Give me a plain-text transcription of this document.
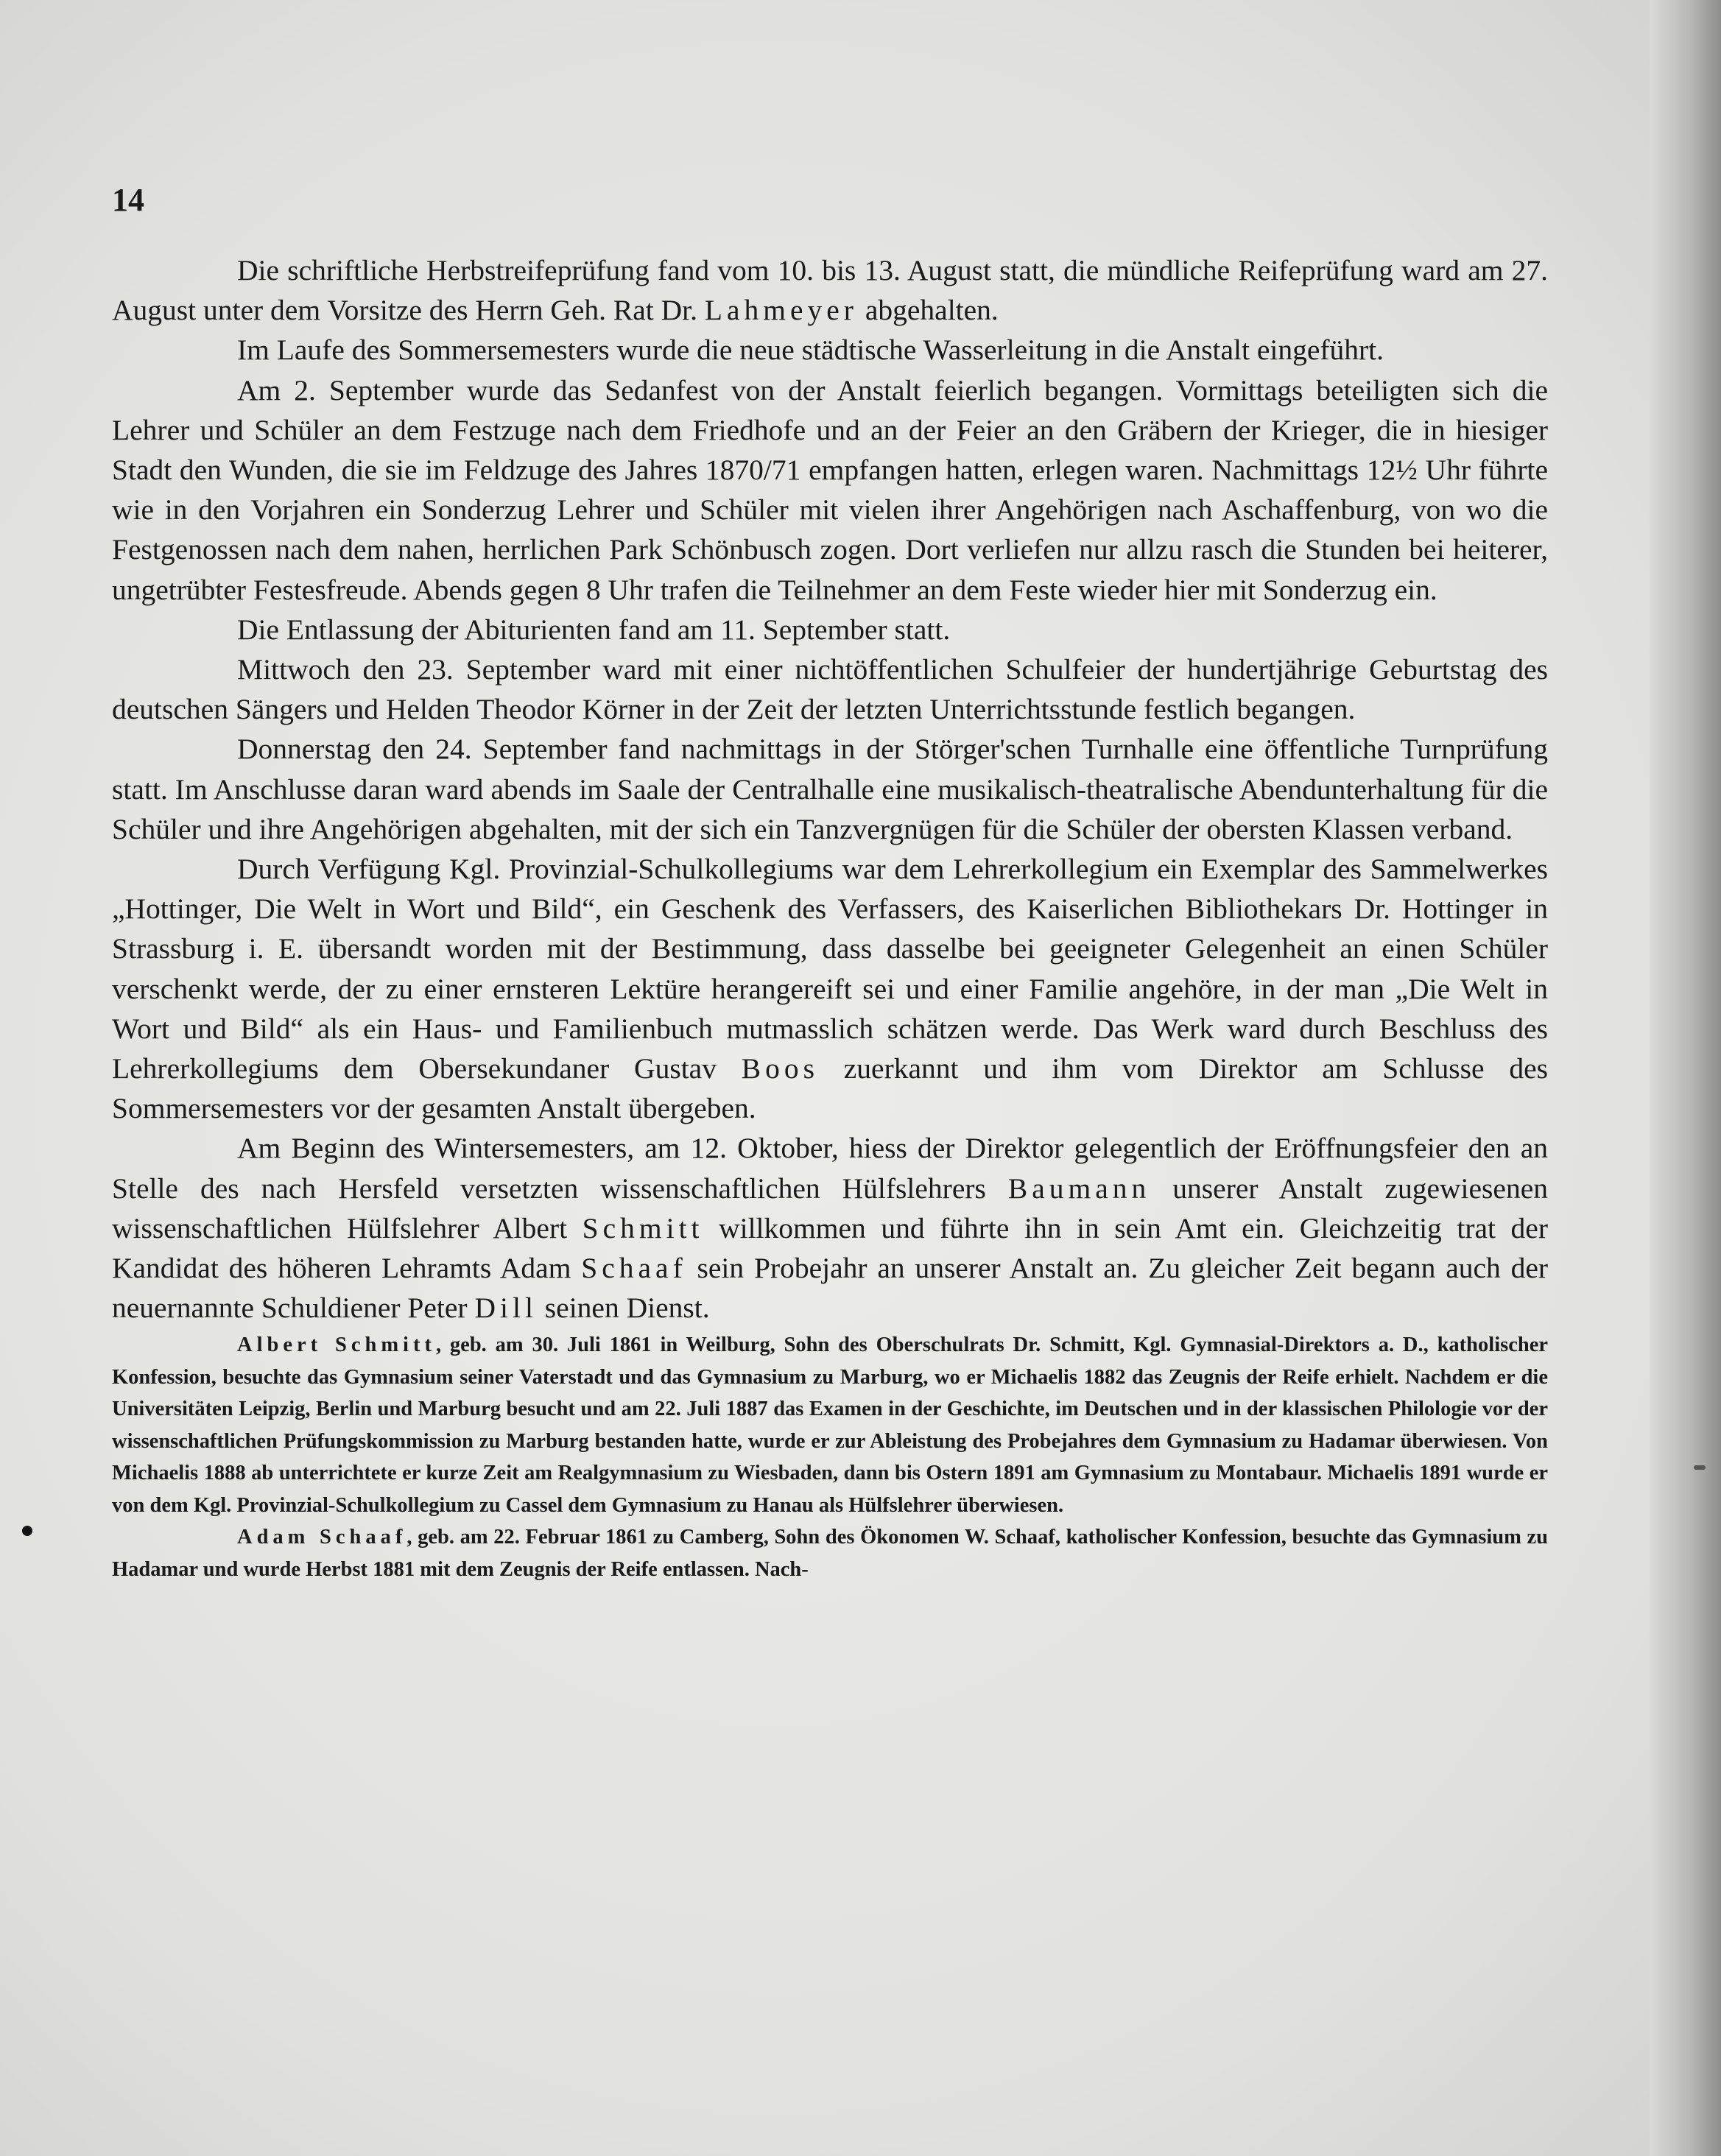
14

Die schriftliche Herbstreifeprüfung fand vom 10. bis 13. August statt, die mündliche Reifeprüfung ward am 27. August unter dem Vorsitze des Herrn Geh. Rat Dr. Lahmeyer abgehalten.

Im Laufe des Sommersemesters wurde die neue städtische Wasserleitung in die Anstalt eingeführt.

Am 2. September wurde das Sedanfest von der Anstalt feierlich begangen. Vormittags beteiligten sich die Lehrer und Schüler an dem Festzuge nach dem Friedhofe und an der Feier an den Gräbern der Krieger, die in hiesiger Stadt den Wunden, die sie im Feldzuge des Jahres 1870/71 empfangen hatten, erlegen waren. Nachmittags 12½ Uhr führte wie in den Vorjahren ein Sonderzug Lehrer und Schüler mit vielen ihrer Angehörigen nach Aschaffenburg, von wo die Festgenossen nach dem nahen, herrlichen Park Schönbusch zogen. Dort verliefen nur allzu rasch die Stunden bei heiterer, ungetrübter Festesfreude. Abends gegen 8 Uhr trafen die Teilnehmer an dem Feste wieder hier mit Sonderzug ein.

Die Entlassung der Abiturienten fand am 11. September statt.

Mittwoch den 23. September ward mit einer nichtöffentlichen Schulfeier der hundertjährige Geburtstag des deutschen Sängers und Helden Theodor Körner in der Zeit der letzten Unterrichtsstunde festlich begangen.

Donnerstag den 24. September fand nachmittags in der Störger'schen Turnhalle eine öffentliche Turnprüfung statt. Im Anschlusse daran ward abends im Saale der Centralhalle eine musikalisch-theatralische Abendunterhaltung für die Schüler und ihre Angehörigen abgehalten, mit der sich ein Tanzvergnügen für die Schüler der obersten Klassen verband.

Durch Verfügung Kgl. Provinzial-Schulkollegiums war dem Lehrerkollegium ein Exemplar des Sammelwerkes „Hottinger, Die Welt in Wort und Bild“, ein Geschenk des Verfassers, des Kaiserlichen Bibliothekars Dr. Hottinger in Strassburg i. E. übersandt worden mit der Bestimmung, dass dasselbe bei geeigneter Gelegenheit an einen Schüler verschenkt werde, der zu einer ernsteren Lektüre herangereift sei und einer Familie angehöre, in der man „Die Welt in Wort und Bild“ als ein Haus- und Familienbuch mutmasslich schätzen werde. Das Werk ward durch Beschluss des Lehrerkollegiums dem Obersekundaner Gustav Boos zuerkannt und ihm vom Direktor am Schlusse des Sommersemesters vor der gesamten Anstalt übergeben.

Am Beginn des Wintersemesters, am 12. Oktober, hiess der Direktor gelegentlich der Eröffnungsfeier den an Stelle des nach Hersfeld versetzten wissenschaftlichen Hülfslehrers Baumann unserer Anstalt zugewiesenen wissenschaftlichen Hülfslehrer Albert Schmitt willkommen und führte ihn in sein Amt ein. Gleichzeitig trat der Kandidat des höheren Lehramts Adam Schaaf sein Probejahr an unserer Anstalt an. Zu gleicher Zeit begann auch der neuernannte Schuldiener Peter Dill seinen Dienst.

Albert Schmitt, geb. am 30. Juli 1861 in Weilburg, Sohn des Oberschulrats Dr. Schmitt, Kgl. Gymnasial-Direktors a. D., katholischer Konfession, besuchte das Gymnasium seiner Vaterstadt und das Gymnasium zu Marburg, wo er Michaelis 1882 das Zeugnis der Reife erhielt. Nachdem er die Universitäten Leipzig, Berlin und Marburg besucht und am 22. Juli 1887 das Examen in der Geschichte, im Deutschen und in der klassischen Philologie vor der wissenschaftlichen Prüfungskommission zu Marburg bestanden hatte, wurde er zur Ableistung des Probejahres dem Gymnasium zu Hadamar überwiesen. Von Michaelis 1888 ab unterrichtete er kurze Zeit am Realgymnasium zu Wiesbaden, dann bis Ostern 1891 am Gymnasium zu Montabaur. Michaelis 1891 wurde er von dem Kgl. Provinzial-Schulkollegium zu Cassel dem Gymnasium zu Hanau als Hülfslehrer überwiesen.

Adam Schaaf, geb. am 22. Februar 1861 zu Camberg, Sohn des Ökonomen W. Schaaf, katholischer Konfession, besuchte das Gymnasium zu Hadamar und wurde Herbst 1881 mit dem Zeugnis der Reife entlassen. Nach-
